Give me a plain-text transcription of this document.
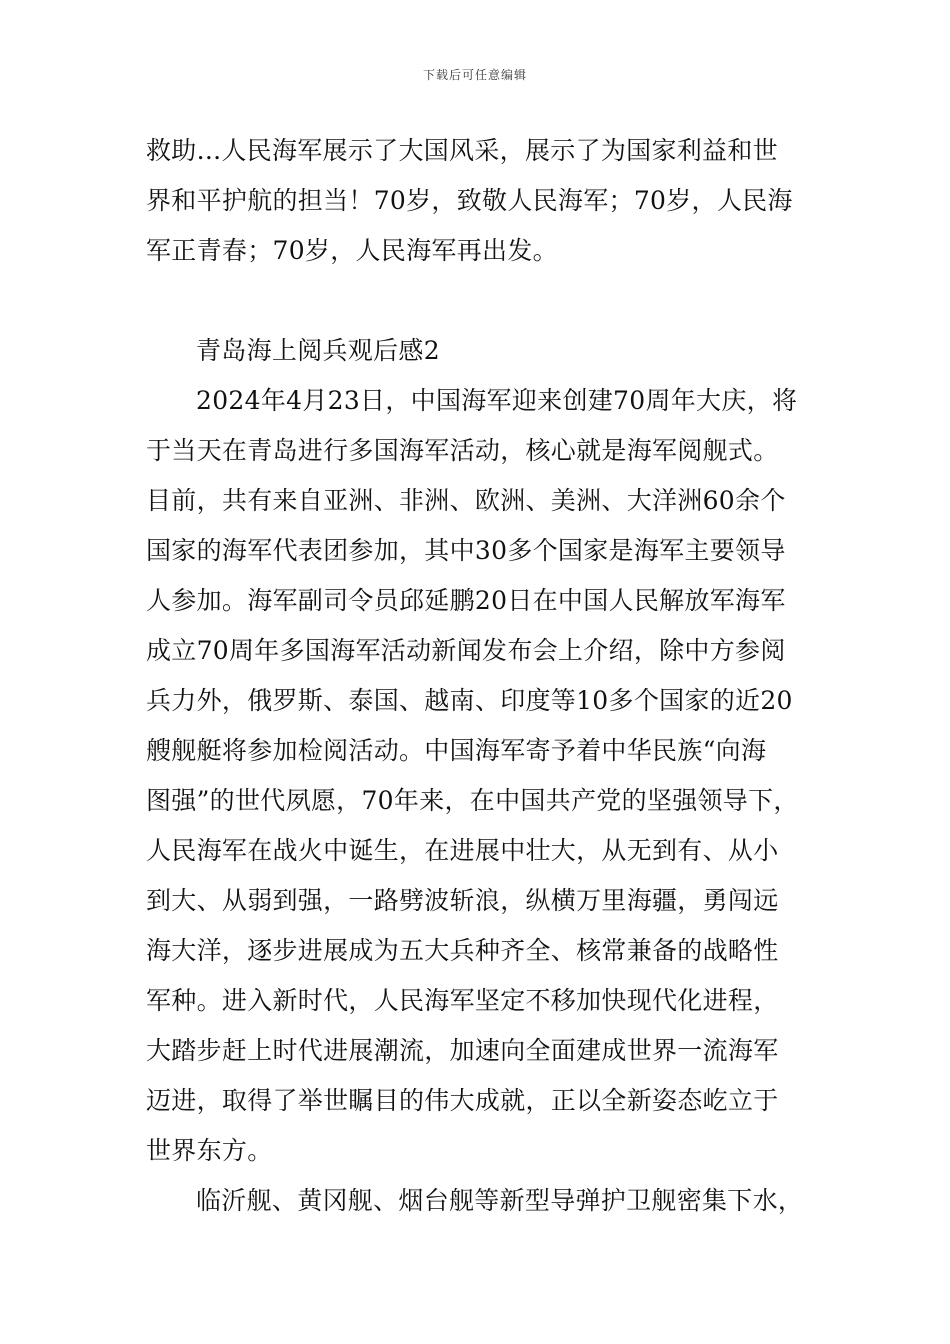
下载后可任意编辑
救助...人民海军展示了大国风采，展示了为国家利益和世
界和平护航的担当！70岁，致敬人民海军；70岁，人民海
军正青春；70岁，人民海军再出发。
青岛海上阅兵观后感2
2024年4月23日，中国海军迎来创建70周年大庆，将
于当天在青岛进行多国海军活动，核心就是海军阅舰式。
目前，共有来自亚洲、非洲、欧洲、美洲、大洋洲60余个
国家的海军代表团参加，其中30多个国家是海军主要领导
人参加。海军副司令员邱延鹏20日在中国人民解放军海军
成立70周年多国海军活动新闻发布会上介绍，除中方参阅
兵力外，俄罗斯、泰国、越南、印度等10多个国家的近20
艘舰艇将参加检阅活动。中国海军寄予着中华民族“向海
图强”的世代夙愿，70年来，在中国共产党的坚强领导下，
人民海军在战火中诞生，在进展中壮大，从无到有、从小
到大、从弱到强，一路劈波斩浪，纵横万里海疆，勇闯远
海大洋，逐步进展成为五大兵种齐全、核常兼备的战略性
军种。进入新时代，人民海军坚定不移加快现代化进程，
大踏步赶上时代进展潮流，加速向全面建成世界一流海军
迈进，取得了举世瞩目的伟大成就，正以全新姿态屹立于
世界东方。
临沂舰、黄冈舰、烟台舰等新型导弹护卫舰密集下水，
